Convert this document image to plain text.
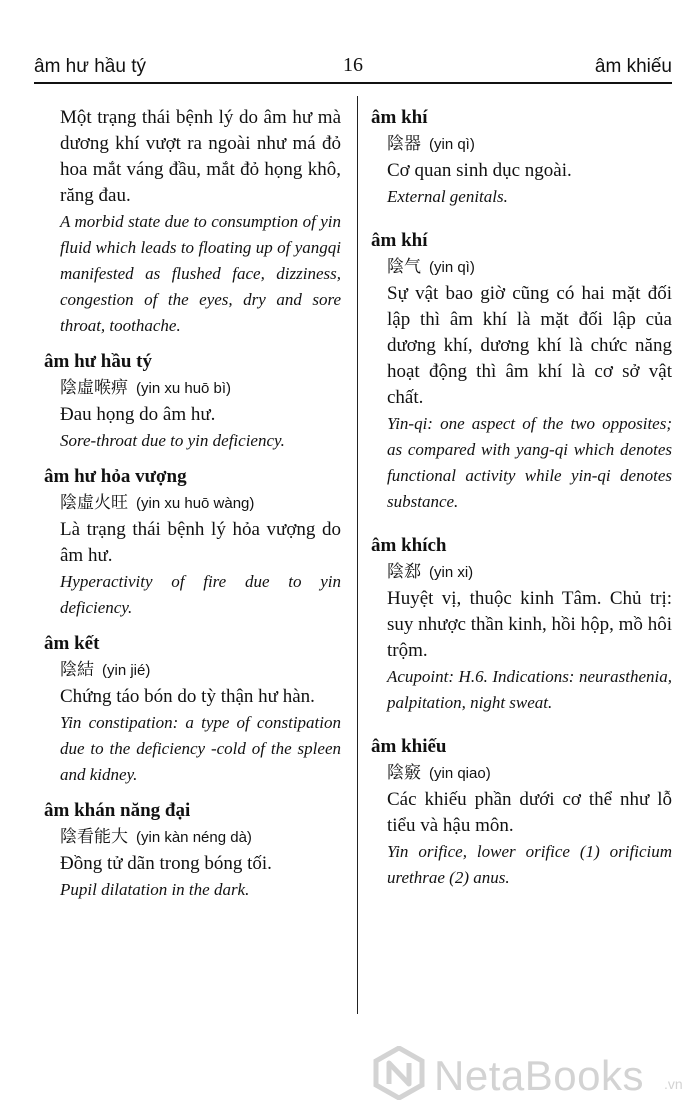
âm hư hầu tý	16	âm khiếu
Một trạng thái bệnh lý do âm hư mà dương khí vượt ra ngoài như má đỏ hoa mắt váng đầu, mắt đỏ họng khô, răng đau.
A morbid state due to consumption of yin fluid which leads to floating up of yangqi manifested as flushed face, dizziness, congestion of the eyes, dry and sore throat, toothache.
âm hư hầu tý
陰虛喉痹 (yin xu huō bì)
Đau họng do âm hư.
Sore-throat due to yin deficiency.
âm hư hỏa vượng
陰虛火旺 (yin xu huō wàng)
Là trạng thái bệnh lý hỏa vượng do âm hư.
Hyperactivity of fire due to yin deficiency.
âm kết
陰結 (yin jié)
Chứng táo bón do tỳ thận hư hàn.
Yin constipation: a type of constipation due to the deficiency -cold of the spleen and kidney.
âm khán năng đại
陰看能大 (yin kàn néng dà)
Đồng tử dãn trong bóng tối.
Pupil dilatation in the dark.
âm khí
陰器 (yin qì)
Cơ quan sinh dục ngoài.
External genitals.
âm khí
陰气 (yin qì)
Sự vật bao giờ cũng có hai mặt đối lập thì âm khí là mặt đối lập của dương khí, dương khí là chức năng hoạt động thì âm khí là cơ sở vật chất.
Yin-qi: one aspect of the two opposites; as compared with yang-qi which denotes functional activity while yin-qi denotes substance.
âm khích
陰郄 (yin xi)
Huyệt vị, thuộc kinh Tâm. Chủ trị: suy nhược thần kinh, hồi hộp, mồ hôi trộm.
Acupoint: H.6. Indications: neurasthenia, palpitation, night sweat.
âm khiếu
陰竅 (yin qiao)
Các khiếu phần dưới cơ thể như lỗ tiểu và hậu môn.
Yin orifice, lower orifice (1) orificium urethrae (2) anus.
NetaBooks .vn
